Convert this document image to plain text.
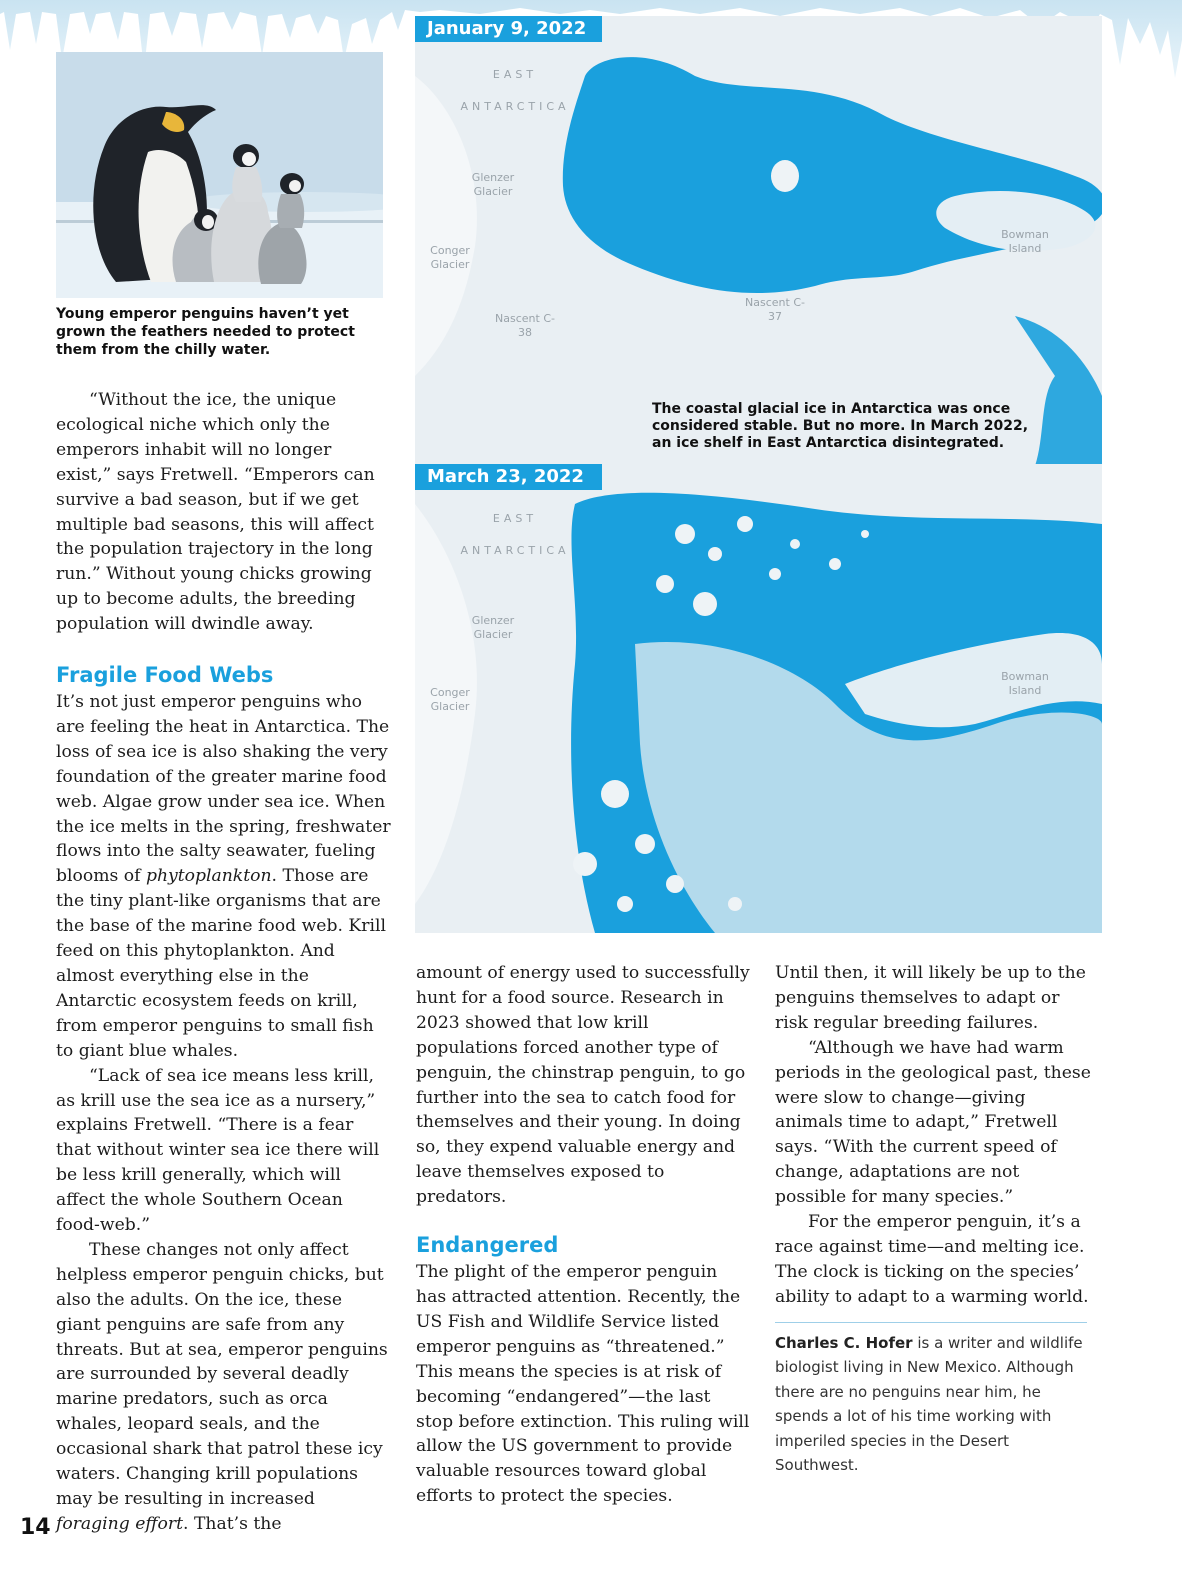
Young emperor penguins haven’t yet grown the feathers needed to protect them from the chilly water.

“Without the ice, the unique ecological niche which only the emperors inhabit will no longer exist,” says Fretwell. “Emperors can survive a bad season, but if we get multiple bad seasons, this will affect the population trajectory in the long run.” Without young chicks growing up to become adults, the breeding population will dwindle away.

Fragile Food Webs

It’s not just emperor penguins who are feeling the heat in Antarctica. The loss of sea ice is also shaking the very foundation of the greater marine food web. Algae grow under sea ice. When the ice melts in the spring, freshwater flows into the salty seawater, fueling blooms of phytoplankton. Those are the tiny plant-like organisms that are the base of the marine food web. Krill feed on this phytoplankton. And almost everything else in the Antarctic ecosystem feeds on krill, from emperor penguins to small fish to giant blue whales.

“Lack of sea ice means less krill, as krill use the sea ice as a nursery,” explains Fretwell. “There is a fear that without winter sea ice there will be less krill generally, which will affect the whole Southern Ocean food-web.”

These changes not only affect helpless emperor penguin chicks, but also the adults. On the ice, these giant penguins are safe from any threats. But at sea, emperor penguins are surrounded by several deadly marine predators, such as orca whales, leopard seals, and the occasional shark that patrol these icy waters. Changing krill populations may be resulting in increased foraging effort. That’s the

EAST
ANTARCTICA
Glenzer Glacier
Conger Glacier
Nascent C-38
Nascent C-37
Bowman Island
January 9, 2022
The coastal glacial ice in Antarctica was once considered stable. But no more. In March 2022, an ice shelf in East Antarctica disintegrated.
EAST
ANTARCTICA
Glenzer Glacier
Conger Glacier
Bowman Island
March 23, 2022

amount of energy used to successfully hunt for a food source. Research in 2023 showed that low krill populations forced another type of penguin, the chinstrap penguin, to go further into the sea to catch food for themselves and their young. In doing so, they expend valuable energy and leave themselves exposed to predators.

Endangered

The plight of the emperor penguin has attracted attention. Recently, the US Fish and Wildlife Service listed emperor penguins as “threatened.” This means the species is at risk of becoming “endangered”—the last stop before extinction. This ruling will allow the US government to provide valuable resources toward global efforts to protect the species.

Until then, it will likely be up to the penguins themselves to adapt or risk regular breeding failures.

“Although we have had warm periods in the geological past, these were slow to change—giving animals time to adapt,” Fretwell says. “With the current speed of change, adaptations are not possible for many species.”

For the emperor penguin, it’s a race against time—and melting ice. The clock is ticking on the species’ ability to adapt to a warming world.

Charles C. Hofer is a writer and wildlife biologist living in New Mexico. Although there are no penguins near him, he spends a lot of his time working with imperiled species in the Desert Southwest.
14
